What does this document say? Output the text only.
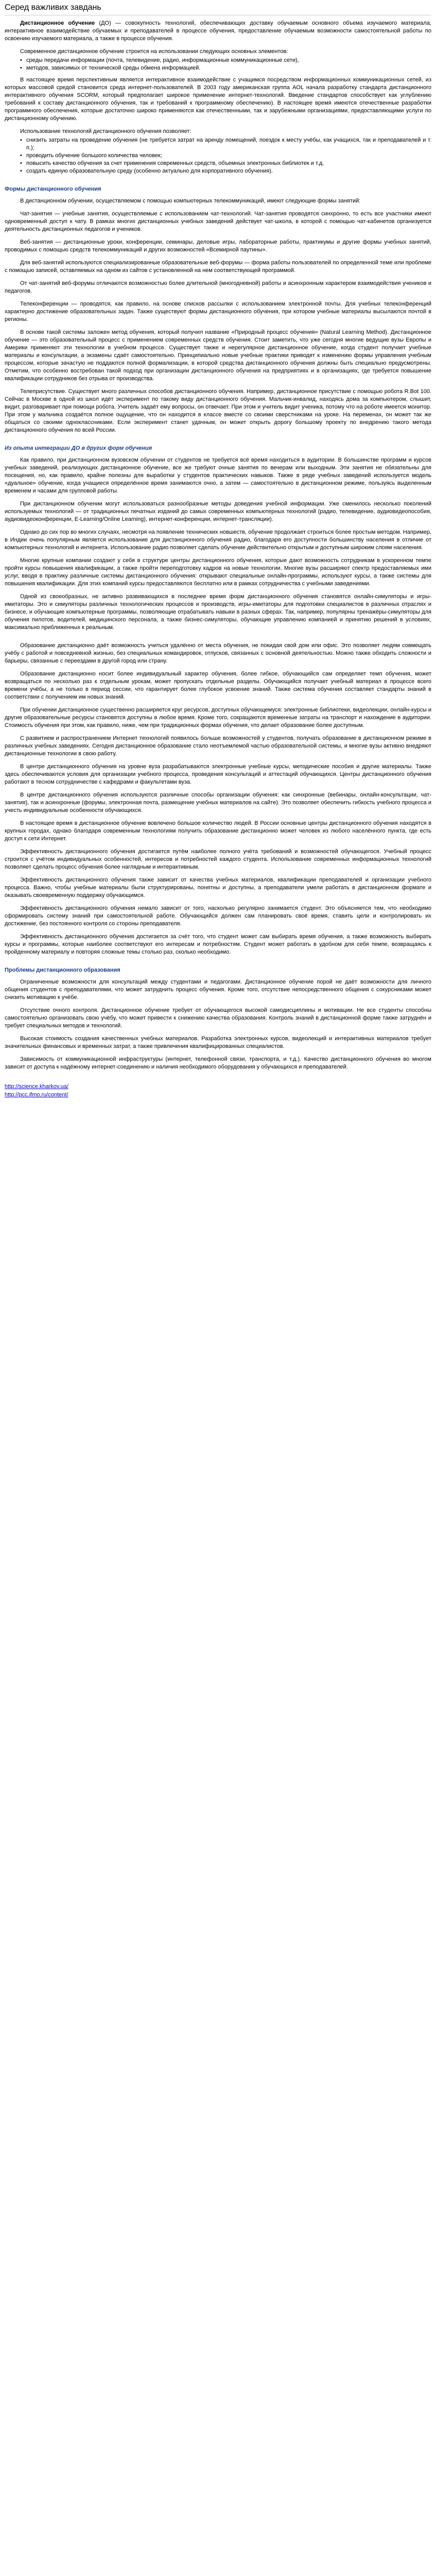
Серед важливих завдань

Дистанционное обучение (ДО) — совокупность технологий, обеспечивающих доставку обучаемым основного объема изучаемого материала, интерактивное взаимодействие обучаемых и преподавателей в процессе обучения, предоставление обучаемым возможности самостоятельной работы по освоению изучаемого материала, а также в процессе обучения.

Современное дистанционное обучение строится на использовании следующих основных элементов:

• среды передачи информации (почта, телевидение, радио, информационные коммуникационные сети),
• методов, зависимых от технической среды обмена информацией.

В настоящее время перспективным является интерактивное взаимодействие с учащимся посредством информационных коммуникационных сетей, из которых массовой средой становится среда интернет-пользователей. В 2003 году американская группа AOL начала разработку стандарта дистанционного интерактивного обучения SCORM, который предполагает широкое применение интернет-технологий. Введение стандартов способствует как углублению требований к составу дистанционного обучения, так и требований к программному обеспечению). В настоящее время имеются отечественные разработки программного обеспечения, которые достаточно широко применяются как отечественными, так и зарубежными организациями, предоставляющими услуги по дистанционному обучению.

Использование технологий дистанционного обучения позволяет:

• снизить затраты на проведение обучения (не требуется затрат на аренду помещений, поездок к месту учёбы, как учащихся, так и преподавателей и т. п.);
• проводить обучение большого количества человек;
• повысить качество обучения за счет применения современных средств, объемных электронных библиотек и т.д.
• создать единую образовательную среду (особенно актуально для корпоративного обучения).
Формы дистанционного обучения

В дистанционном обучении, осуществляемом с помощью компьютерных телекоммуникаций, имеют следующие формы занятий:

Чат-занятия — учебные занятия, осуществляемые с использованием чат-технологий. Чат-занятия проводятся синхронно, то есть все участники имеют одновременный доступ к чату. В рамках многих дистанционных учебных заведений действует чат-школа, в которой с помощью чат-кабинетов организуется деятельность дистанционных педагогов и учеников.

Веб-занятия — дистанционные уроки, конференции, семинары, деловые игры, лабораторные работы, практикумы и другие формы учебных занятий, проводимых с помощью средств телекоммуникаций и других возможностей «Всемирной паутины».

Для веб-занятий используются специализированные образовательные веб-форумы — форма работы пользователей по определенной теме или проблеме с помощью записей, оставляемых на одном из сайтов с установленной на нем соответствующей программой.

От чат-занятий веб-форумы отличаются возможностью более длительной (многодневной) работы и асинхронным характером взаимодействия учеников и педагогов.

Телеконференции — проводятся, как правило, на основе списков рассылки с использованием электронной почты. Для учебных телеконференций характерно достижение образовательных задач. Также существуют формы дистанционного обучения, при котором учебные материалы высылаются почтой в регионы.

В основе такой системы заложен метод обучения, который получил название «Природный процесс обучения» (Natural Learning Method). Дистанционное обучение — это образовательный процесс с применением современных средств обучения. Стоит заметить, что уже сегодня многие ведущие вузы Европы и Америки применяют эти технологии в учебном процессе. Существует также и нерегулярное дистанционное обучение, когда студент получает учебные материалы и консультации, а экзамены сдаёт самостоятельно. Принципиально новые учебные практики приводят к изменению формы управления учебным процессом, которые зачастую не поддаются полной формализации, в которой средства дистанционного обучения должны быть специально предусмотрены. Отметим, что особенно востребован такой подход при организации дистанционного обучения на предприятиях и в организациях, где требуется повышение квалификации сотрудников без отрыва от производства.

Телеприсутствие. Существует много различных способов дистанционного обучения. Например, дистанционное присутствие с помощью робота R.Bot 100. Сейчас в Москве в одной из школ идёт эксперимент по такому виду дистанционного обучения. Мальчик-инвалид, находясь дома за компьютером, слышит, видит, разговаривает при помощи робота. Учитель задаёт ему вопросы, он отвечает. При этом и учитель видит ученика, потому что на роботе имеется монитор. При этом у мальчика создаётся полное ощущение, что он находится в классе вместе со своими сверстниками на уроке. На переменах, он может так же общаться со своими одноклассниками. Если эксперимент станет удачным, он может открыть дорогу большому проекту по внедрению такого метода дистанционного обучения по всей России.

Из опыта интеграции ДО в других форм обучения

Как правило, при дистанционном вузовском обучении от студентов не требуется всё время находиться в аудитории. В большинстве программ и курсов учебных заведений, реализующих дистанционное обучение, все же требуют очные занятия по вечерам или выходным. Эти занятия не обязательны для посещения, но, как правило, крайне полезны для выработки у студентов практических навыков. Также в ряде учебных заведений используется модель «дуальное» обучение, когда учащиеся определённое время занимаются очно, а затем — самостоятельно в дистанционном режиме, пользуясь выделенным временем и часами для групповой работы.

При дистанционном обучении могут использоваться разнообразные методы доведения учебной информации. Уже сменилось несколько поколений используемых технологий — от традиционных печатных изданий до самых современных компьютерных технологий (радио, телевидение, аудиовидеопособия, аудиовидеоконференции, E-Learning/Online Learning), интернет-конференции, интернет-трансляции).

Однако до сих пор во многих случаях, несмотря на появление технических новшеств, обучение продолжает строиться более простым методом. Например, в Индии очень популярным является использование для дистанционного обучения радио, благодаря его доступности большинству населения в отличие от компьютерных технологий и интернета. Использование радио позволяет сделать обучение действительно открытым и доступным широким слоям населения.

Многие крупные компании создают у себя в структуре центры дистанционного обучения, которые дают возможность сотрудникам в ускоренном темпе пройти курсы повышения квалификации, а также пройти переподготовку кадров на новые технологии. Многие вузы расширяют спектр предоставляемых ими услуг, вводя в практику различные системы дистанционного обучения: открывают специальные онлайн-программы, используют курсы, а также системы для повышения квалификации. Для этих компаний курсы предоставляются бесплатно или в рамках сотрудничества с учебными заведениями.

Одной из своеобразных, не активно развивающихся в последнее время форм дистанционного обучения становятся онлайн-симуляторы и игры-имитаторы. Это и симуляторы различных технологических процессов и производств, игры-имитаторы для подготовки специалистов в различных отраслях и бизнесе, и обучающие компьютерные программы, позволяющие отрабатывать навыки в разных сферах. Так, например, популярны тренажёры-симуляторы для обучения пилотов, водителей, медицинского персонала, а также бизнес-симуляторы, обучающие управлению компанией и принятию решений в условиях, максимально приближенных к реальным.

Образование дистанционно даёт возможность учиться удалённо от места обучения, не покидая свой дом или офис. Это позволяет людям совмещать учёбу с работой и повседневной жизнью, без специальных командировок, отпусков, связанных с основной деятельностью. Можно также обходить сложности и барьеры, связанные с переездами в другой город или страну.

Образование дистанционно носит более индивидуальный характер обучения, более гибкое, обучающийся сам определяет темп обучения, может возвращаться по несколько раз к отдельным урокам, может пропускать отдельные разделы. Обучающийся получает учебный материал в процессе всего времени учёбы, а не только в период сессии, что гарантирует более глубокое усвоение знаний. Также система обучения составляет стандарты знаний в соответствии с получением им новых знаний.

При обучении дистанционное существенно расширяется круг ресурсов, доступных обучающемуся: электронные библиотеки, видеолекции, онлайн-курсы и другие образовательные ресурсы становятся доступны в любое время. Кроме того, сокращаются временные затраты на транспорт и нахождение в аудитории. Стоимость обучения при этом, как правило, ниже, чем при традиционных формах обучения, что делает образование более доступным.

С развитием и распространением Интернет технологий появилось больше возможностей у студентов, получать образование в дистанционном режиме в различных учебных заведениях. Сегодня дистанционное образование стало неотъемлемой частью образовательной системы, и многие вузы активно внедряют дистанционные технологии в свою работу.

В центре дистанционного обучения на уровне вуза разрабатываются электронные учебные курсы, методические пособия и другие материалы. Также здесь обеспечиваются условия для организации учебного процесса, проведения консультаций и аттестаций обучающихся. Центры дистанционного обучения работают в тесном сотрудничестве с кафедрами и факультетами вуза.

В центре дистанционного обучения используются различные способы организации обучения: как синхронные (вебинары, онлайн-консультации, чат-занятия), так и асинхронные (форумы, электронная почта, размещение учебных материалов на сайте). Это позволяет обеспечить гибкость учебного процесса и учесть индивидуальные особенности обучающихся.

В настоящее время в дистанционное обучение вовлечено большое количество людей. В России основные центры дистанционного обучения находятся в крупных городах, однако благодаря современным технологиям получить образование дистанционно может человек из любого населённого пункта, где есть доступ к сети Интернет.

Эффективность дистанционного обучения достигается путём наиболее полного учёта требований и возможностей обучающегося. Учебный процесс строится с учётом индивидуальных особенностей, интересов и потребностей каждого студента. Использование современных информационных технологий позволяет сделать процесс обучения более наглядным и интерактивным.

Эффективность дистанционного обучения также зависит от качества учебных материалов, квалификации преподавателей и организации учебного процесса. Важно, чтобы учебные материалы были структурированы, понятны и доступны, а преподаватели умели работать в дистанционном формате и оказывать своевременную поддержку обучающимся.

Эффективность дистанционного обучения немало зависит от того, насколько регулярно занимается студент. Это объясняется тем, что необходимо сформировать систему знаний при самостоятельной работе. Обучающийся должен сам планировать своё время, ставить цели и контролировать их достижение, без постоянного контроля со стороны преподавателя.

Эффективность дистанционного обучения достигается за счёт того, что студент может сам выбирать время обучения, а также возможность выбирать курсы и программы, которые наиболее соответствуют его интересам и потребностям. Студент может работать в удобном для себя темпе, возвращаясь к пройденному материалу и повторяя сложные темы столько раз, сколько необходимо.

Проблемы дистанционного образования

Ограниченные возможности для консультаций между студентами и педагогами. Дистанционное обучение порой не даёт возможности для личного общения студентов с преподавателями, что может затруднить процесс обучения. Кроме того, отсутствие непосредственного общения с сокурсниками может снизить мотивацию к учёбе.

Отсутствие очного контроля. Дистанционное обучение требует от обучающегося высокой самодисциплины и мотивации. Не все студенты способны самостоятельно организовать свою учёбу, что может привести к снижению качества образования. Контроль знаний в дистанционной форме также затруднён и требует специальных методов и технологий.

Высокая стоимость создания качественных учебных материалов. Разработка электронных курсов, видеолекций и интерактивных материалов требует значительных финансовых и временных затрат, а также привлечения квалифицированных специалистов.

Зависимость от коммуникационной инфраструктуры (интернет, телефонной связи, транспорта, и т.д.). Качество дистанционного обучения во многом зависит от доступа к надёжному интернет-соединению и наличия необходимого оборудования у обучающихся и преподавателей.

http://science.kharkov.ua/
http://pcc.ifmo.ru/content/
